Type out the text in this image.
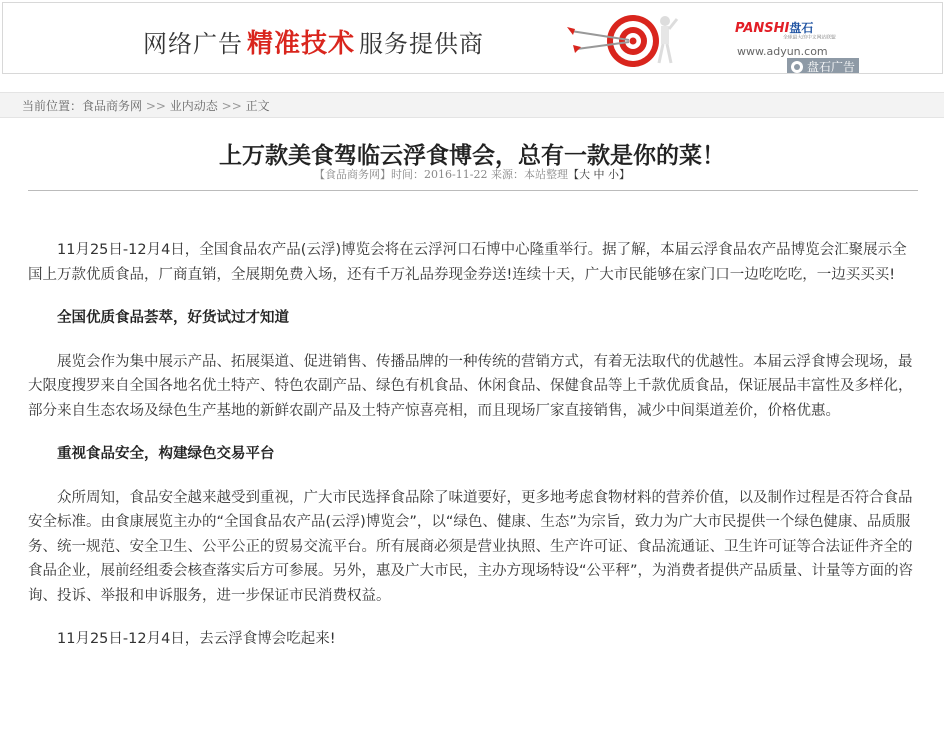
网络广告 精准技术 服务提供商
PANSHI盘石
全球最大的中文网站联盟
www.adyun.com
盘石广告
当前位置：食品商务网 >> 业内动态 >> 正文
上万款美食驾临云浮食博会，总有一款是你的菜！
【食品商务网】时间：2016-11-22 来源：本站整理【大 中 小】

11月25日-12月4日，全国食品农产品(云浮)博览会将在云浮河口石博中心隆重举行。据了解，本届云浮食品农产品博览会汇聚展示全国上万款优质食品，厂商直销，全展期免费入场，还有千万礼品券现金券送!连续十天，广大市民能够在家门口一边吃吃吃，一边买买买!

全国优质食品荟萃，好货试过才知道

展览会作为集中展示产品、拓展渠道、促进销售、传播品牌的一种传统的营销方式，有着无法取代的优越性。本届云浮食博会现场，最大限度搜罗来自全国各地名优土特产、特色农副产品、绿色有机食品、休闲食品、保健食品等上千款优质食品，保证展品丰富性及多样化，部分来自生态农场及绿色生产基地的新鲜农副产品及土特产惊喜亮相，而且现场厂家直接销售，减少中间渠道差价，价格优惠。

重视食品安全，构建绿色交易平台

众所周知，食品安全越来越受到重视，广大市民选择食品除了味道要好，更多地考虑食物材料的营养价值，以及制作过程是否符合食品安全标准。由食康展览主办的“全国食品农产品(云浮)博览会”，以“绿色、健康、生态”为宗旨，致力为广大市民提供一个绿色健康、品质服务、统一规范、安全卫生、公平公正的贸易交流平台。所有展商必须是营业执照、生产许可证、食品流通证、卫生许可证等合法证件齐全的食品企业，展前经组委会核查落实后方可参展。另外，惠及广大市民，主办方现场特设“公平秤”，为消费者提供产品质量、计量等方面的咨询、投诉、举报和申诉服务，进一步保证市民消费权益。

11月25日-12月4日，去云浮食博会吃起来!
